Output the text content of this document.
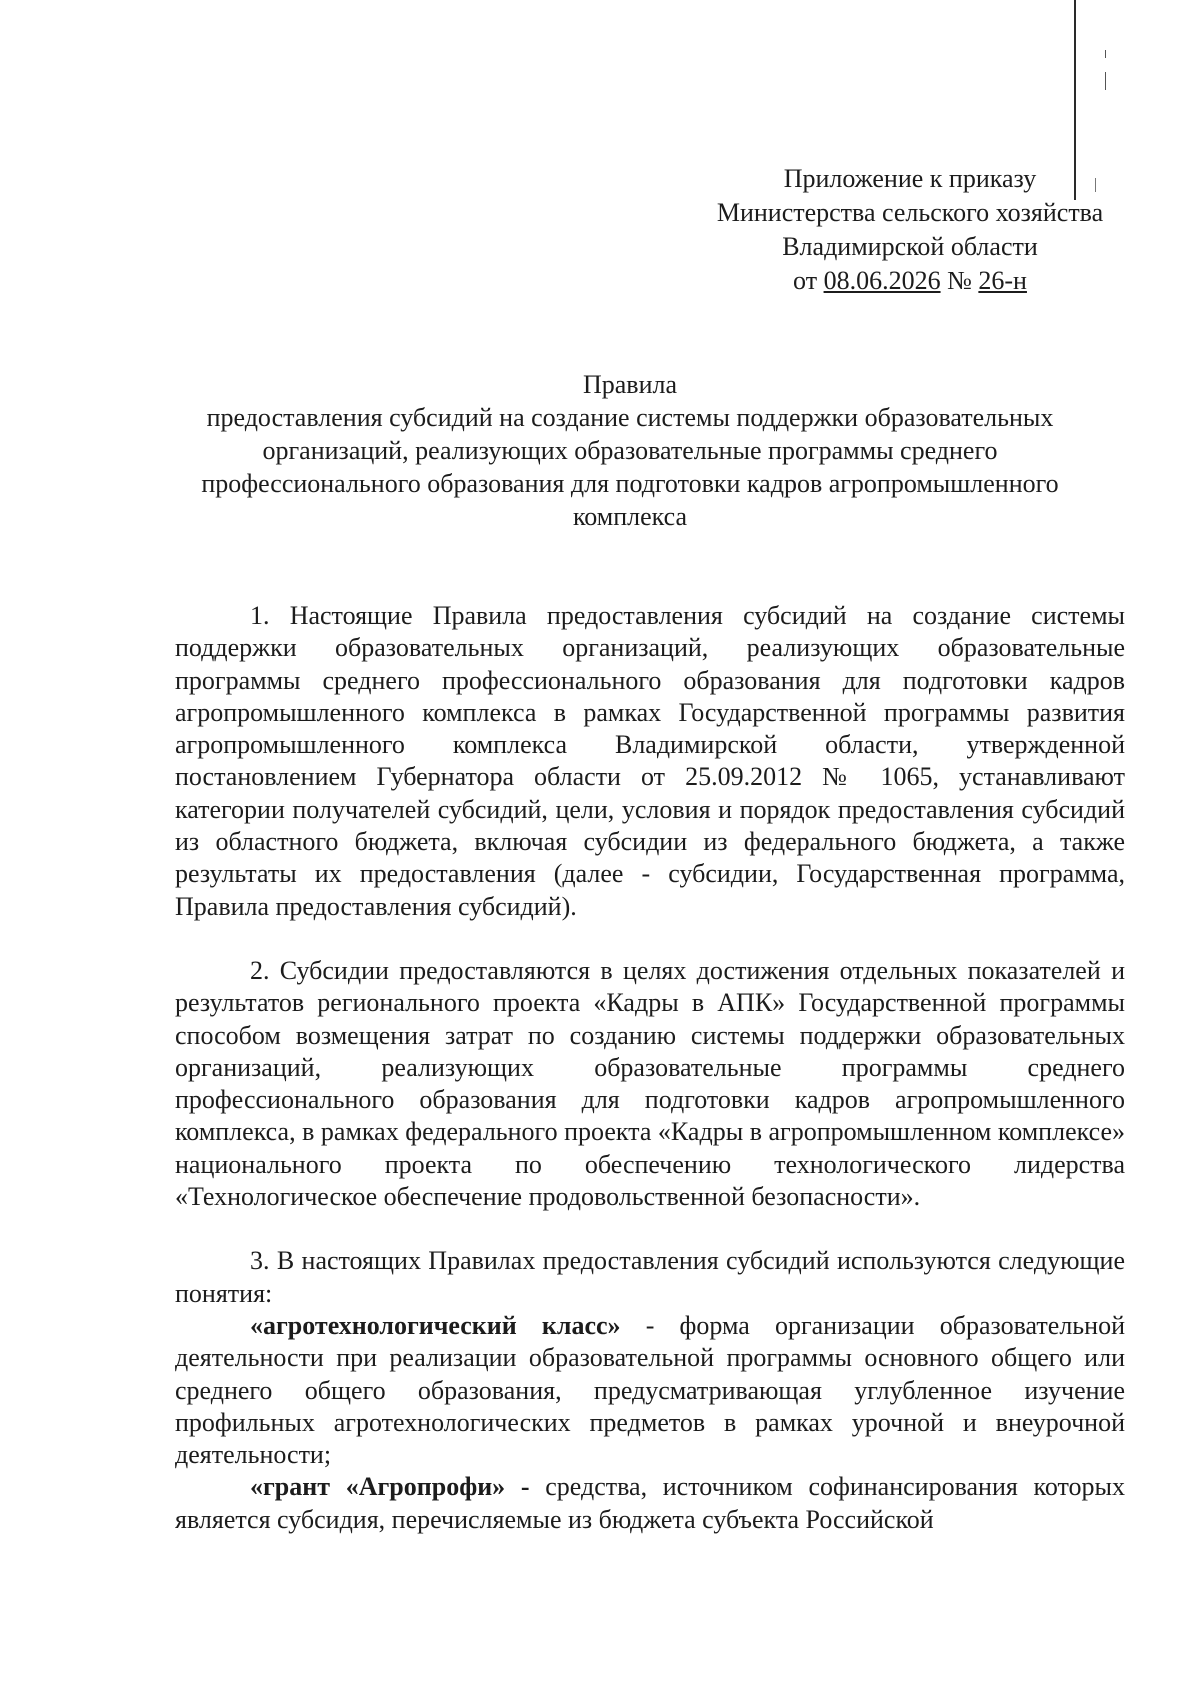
Приложение к приказу
Министерства сельского хозяйства
Владимирской области
от 08.06.2026 № 26-н
Правила
предоставления субсидий на создание системы поддержки образовательных организаций, реализующих образовательные программы среднего профессионального образования для подготовки кадров агропромышленного комплекса

1. Настоящие Правила предоставления субсидий на создание системы поддержки образовательных организаций, реализующих образовательные программы среднего профессионального образования для подготовки кадров агропромышленного комплекса в рамках Государственной программы развития агропромышленного комплекса Владимирской области, утвержденной постановлением Губернатора области от 25.09.2012 № 1065, устанавливают категории получателей субсидий, цели, условия и порядок предоставления субсидий из областного бюджета, включая субсидии из федерального бюджета, а также результаты их предоставления (далее - субсидии, Государственная программа, Правила предоставления субсидий).

2. Субсидии предоставляются в целях достижения отдельных показателей и результатов регионального проекта «Кадры в АПК» Государственной программы способом возмещения затрат по созданию системы поддержки образовательных организаций, реализующих образовательные программы среднего профессионального образования для подготовки кадров агропромышленного комплекса, в рамках федерального проекта «Кадры в агропромышленном комплексе» национального проекта по обеспечению технологического лидерства «Технологическое обеспечение продовольственной безопасности».

3. В настоящих Правилах предоставления субсидий используются следующие понятия:

«агротехнологический класс» - форма организации образовательной деятельности при реализации образовательной программы основного общего или среднего общего образования, предусматривающая углубленное изучение профильных агротехнологических предметов в рамках урочной и внеурочной деятельности;

«грант «Агропрофи» - средства, источником софинансирования которых является субсидия, перечисляемые из бюджета субъекта Российской
